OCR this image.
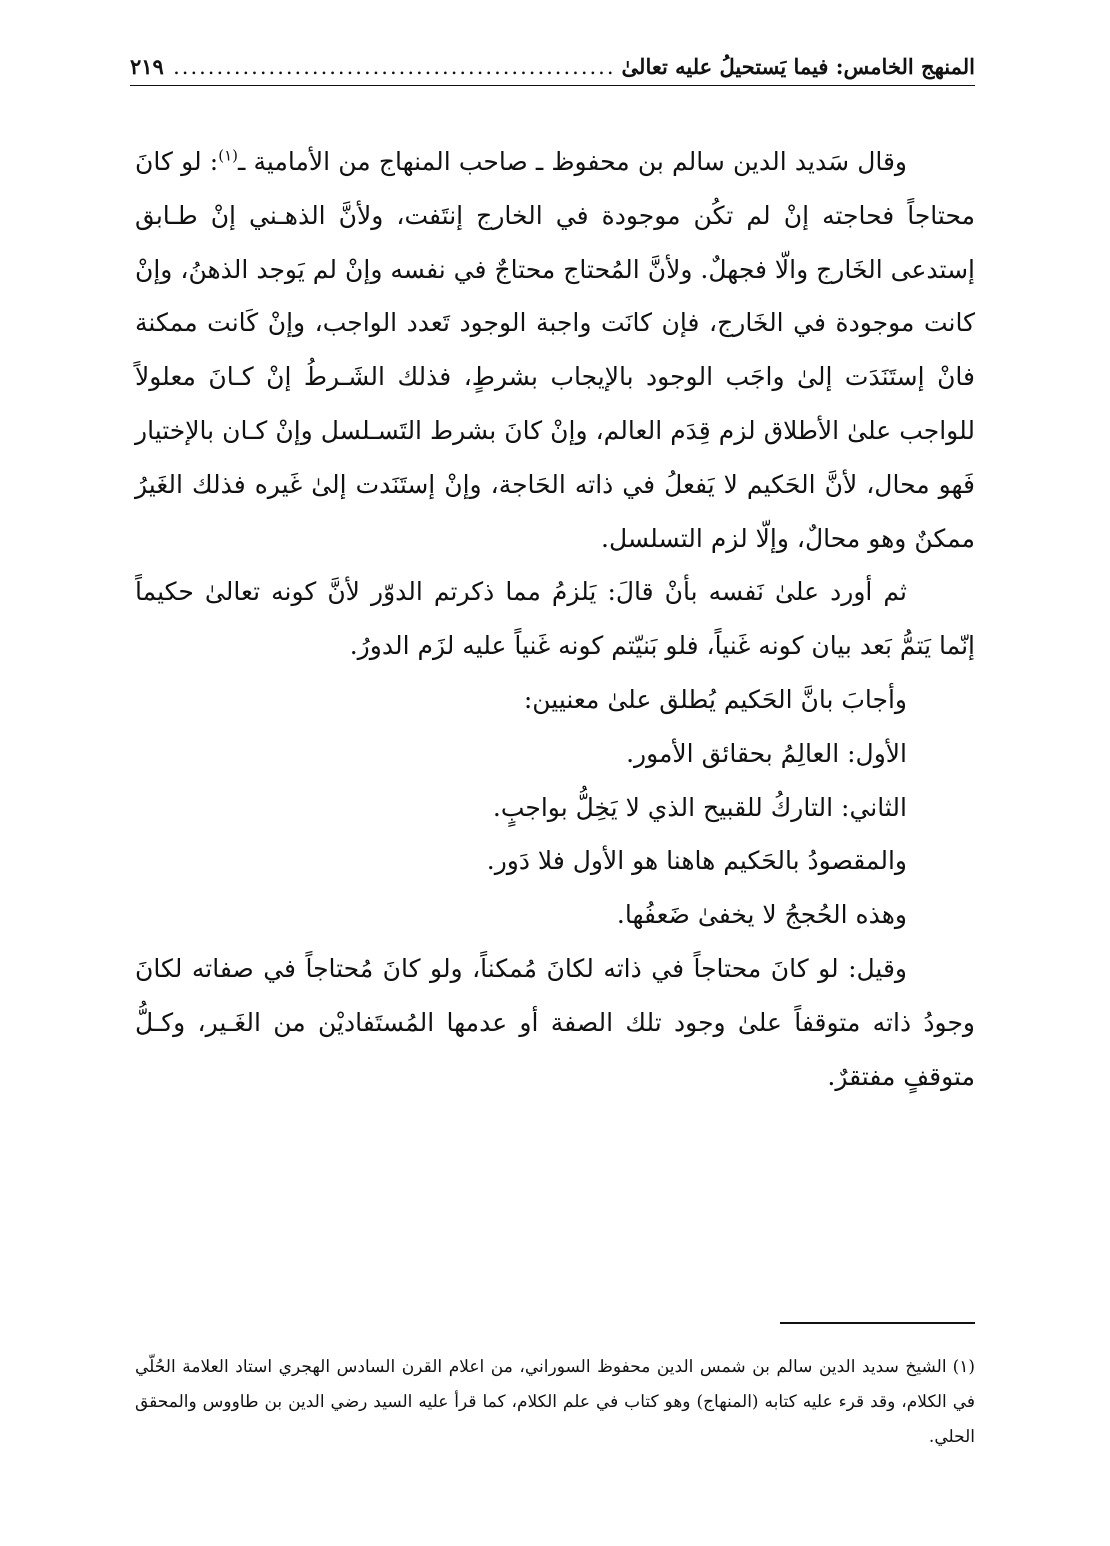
المنهج الخامس: فيما يَستحيلُ عليه تعالىٰ
...................................................
٢١٩

وقال سَديد الدين سالم بن محفوظ ـ صاحب المنهاج من الأمامية ـ$^{(١)}$: لو كانَ محتاجاً فحاجته إنْ لم تكُن موجودة في الخارج إنتَفت، ولأنَّ الذهـني إنْ طـابق إستدعى الخَارج والّا فجهلٌ. ولأنَّ المُحتاج محتاجٌ في نفسه وإنْ لم يَوجد الذهنُ، وإنْ كانت موجودة في الخَارج، فإن كانَت واجبة الوجود تَعدد الواجب، وإنْ كَانت ممكنة فانْ إستَنَدَت إلىٰ واجَب الوجود بالإيجاب بشرطٍ، فذلك الشَـرطُ إنْ كـانَ معلولاً للواجب علىٰ الأطلاق لزم قِدَم العالم، وإنْ كانَ بشرط التَسـلسل وإنْ كـان بالإختيار فَهو محال، لأنَّ الحَكيم لا يَفعلُ في ذاته الحَاجة، وإنْ إستَنَدت إلىٰ غَيره فذلك الغَيرُ ممكنٌ وهو محالٌ، وإلّا لزم التسلسل.

ثم أورد علىٰ نَفسه بأنْ قالَ: يَلزمُ مما ذكرتم الدوّر لأنَّ كونه تعالىٰ حكيماً إنّما يَتمُّ بَعد بيان كونه غَنياً، فلو بَنيّتم كونه غَنياً عليه لزَم الدورُ.

وأجابَ بانَّ الحَكيم يُطلق علىٰ معنيين:

الأول: العالِمُ بحقائق الأمور.

الثاني: التاركُ للقبيح الذي لا يَخِلُّ بواجبٍ.

والمقصودُ بالحَكيم هاهنا هو الأول فلا دَور.

وهذه الحُججُ لا يخفىٰ ضَعفُها.

وقيل: لو كانَ محتاجاً في ذاته لكانَ مُمكناً، ولو كانَ مُحتاجاً في صفاته لكانَ وجودُ ذاته متوقفاً علىٰ وجود تلك الصفة أو عدمها المُستَفاديْن من الغَـير، وكـلُّ متوقفٍ مفتقرٌ.

(١)الشيخ سديد الدين سالم بن شمس الدين محفوظ السوراني، من اعلام القرن السادس الهجري استاد العلامة الحُلّي في الكلام، وقد قرء عليه كتابه (المنهاج) وهو كتاب في علم الكلام، كما قرأ عليه السيد رضي الدين بن طاووس والمحقق الحلي.
